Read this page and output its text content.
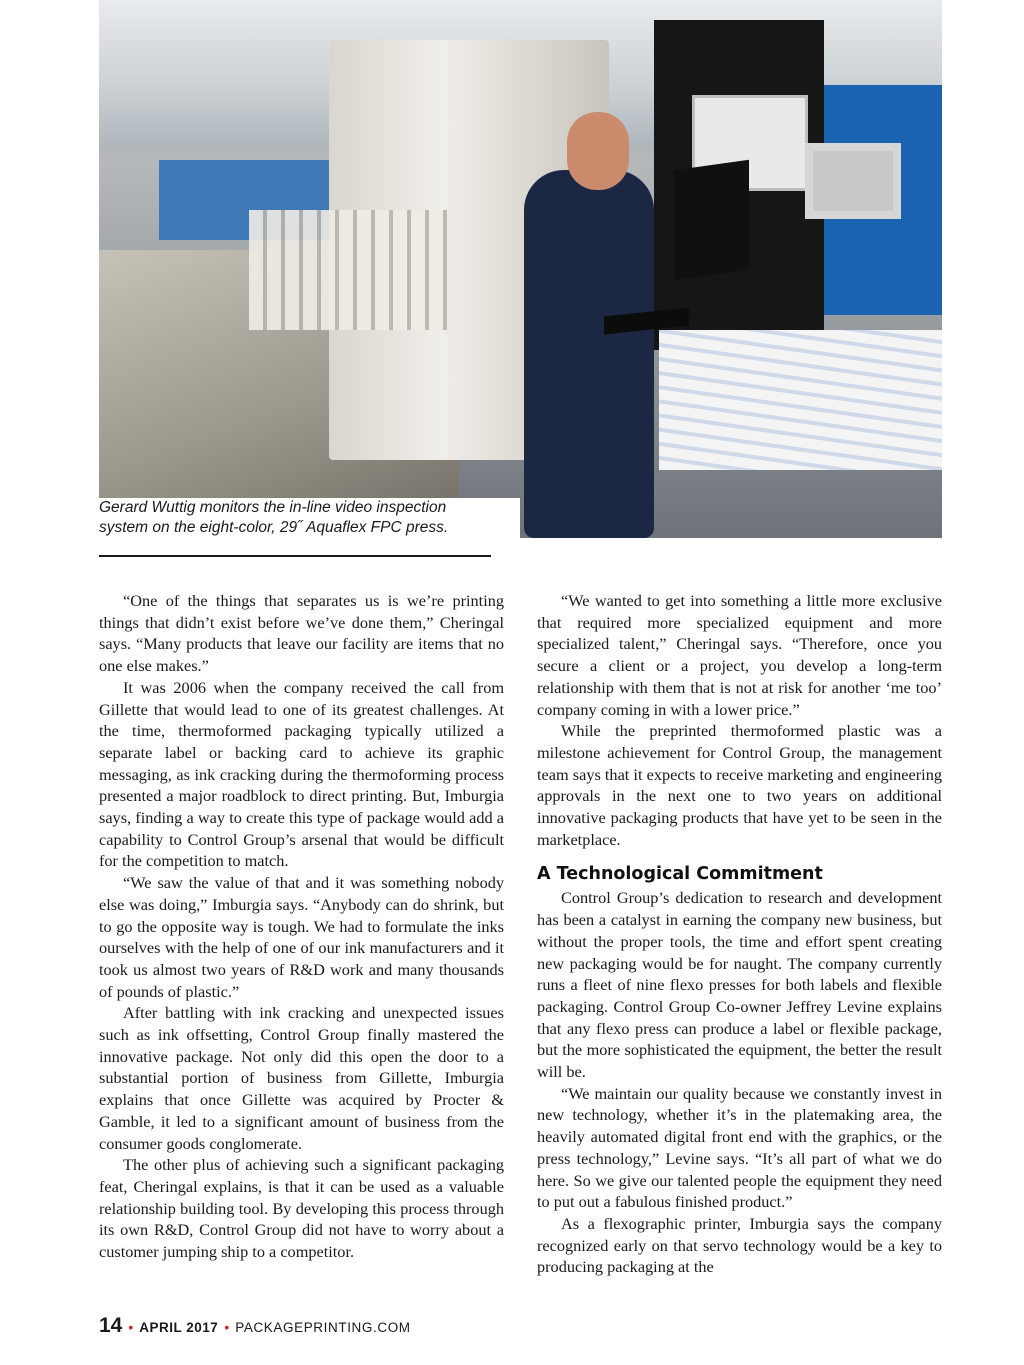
Gerard Wuttig monitors the in-line video inspection
system on the eight-color, 29˝ Aquaflex FPC press.

“One of the things that separates us is we’re printing things that didn’t exist before we’ve done them,” Cheringal says. “Many products that leave our facility are items that no one else makes.”

It was 2006 when the company received the call from Gillette that would lead to one of its greatest challenges. At the time, thermoformed packaging typically utilized a separate label or backing card to achieve its graphic messaging, as ink cracking during the thermoforming process presented a major roadblock to direct printing. But, Imburgia says, finding a way to create this type of package would add a capability to Control Group’s arsenal that would be difficult for the competition to match.

“We saw the value of that and it was something nobody else was doing,” Imburgia says. “Anybody can do shrink, but to go the opposite way is tough. We had to formulate the inks ourselves with the help of one of our ink manufacturers and it took us almost two years of R&D work and many thousands of pounds of plastic.”

After battling with ink cracking and unexpected issues such as ink offsetting, Control Group finally mastered the innovative package. Not only did this open the door to a substantial portion of business from Gillette, Imburgia explains that once Gillette was acquired by Procter & Gamble, it led to a significant amount of business from the consumer goods conglomerate.

The other plus of achieving such a significant packaging feat, Cheringal explains, is that it can be used as a valuable relationship building tool. By developing this process through its own R&D, Control Group did not have to worry about a customer jumping ship to a competitor.

“We wanted to get into something a little more exclusive that required more specialized equipment and more specialized talent,” Cheringal says. “Therefore, once you secure a client or a project, you develop a long-term relationship with them that is not at risk for another ‘me too’ company coming in with a lower price.”

While the preprinted thermoformed plastic was a milestone achievement for Control Group, the management team says that it expects to receive marketing and engineering approvals in the next one to two years on additional innovative packaging products that have yet to be seen in the marketplace.

A Technological Commitment

Control Group’s dedication to research and development has been a catalyst in earning the company new business, but without the proper tools, the time and effort spent creating new packaging would be for naught. The company currently runs a fleet of nine flexo presses for both labels and flexible packaging. Control Group Co-owner Jeffrey Levine explains that any flexo press can produce a label or flexible package, but the more sophisticated the equipment, the better the result will be.

“We maintain our quality because we constantly invest in new technology, whether it’s in the platemaking area, the heavily automated digital front end with the graphics, or the press technology,” Levine says. “It’s all part of what we do here. So we give our talented people the equipment they need to put out a fabulous finished product.”

As a flexographic printer, Imburgia says the company recognized early on that servo technology would be a key to producing packaging at the

14 • APRIL 2017 • PACKAGEPRINTING.COM
